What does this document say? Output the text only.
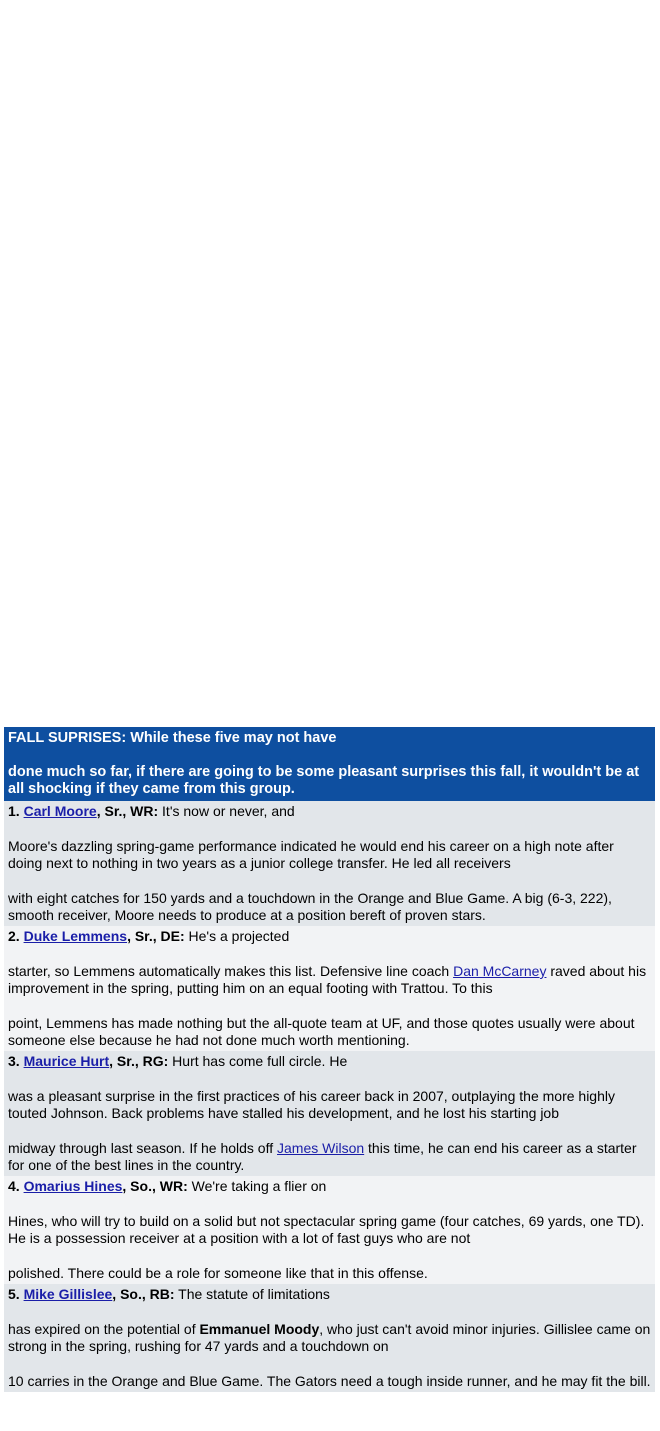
FALL SUPRISES: While these five may not have

done much so far, if there are going to be some pleasant surprises this fall, it wouldn't be at all shocking if they came from this group.

1. Carl Moore, Sr., WR: It's now or never, and

Moore's dazzling spring-game performance indicated he would end his career on a high note after doing next to nothing in two years as a junior college transfer. He led all receivers

with eight catches for 150 yards and a touchdown in the Orange and Blue Game. A big (6-3, 222), smooth receiver, Moore needs to produce at a position bereft of proven stars.

2. Duke Lemmens, Sr., DE: He's a projected

starter, so Lemmens automatically makes this list. Defensive line coach Dan McCarney raved about his improvement in the spring, putting him on an equal footing with Trattou. To this

point, Lemmens has made nothing but the all-quote team at UF, and those quotes usually were about someone else because he had not done much worth mentioning.

3. Maurice Hurt, Sr., RG: Hurt has come full circle. He

was a pleasant surprise in the first practices of his career back in 2007, outplaying the more highly touted Johnson. Back problems have stalled his development, and he lost his starting job

midway through last season. If he holds off James Wilson this time, he can end his career as a starter for one of the best lines in the country.

4. Omarius Hines, So., WR: We're taking a flier on

Hines, who will try to build on a solid but not spectacular spring game (four catches, 69 yards, one TD). He is a possession receiver at a position with a lot of fast guys who are not

polished. There could be a role for someone like that in this offense.

5. Mike Gillislee, So., RB: The statute of limitations

has expired on the potential of Emmanuel Moody, who just can't avoid minor injuries. Gillislee came on strong in the spring, rushing for 47 yards and a touchdown on

10 carries in the Orange and Blue Game. The Gators need a tough inside runner, and he may fit the bill.
